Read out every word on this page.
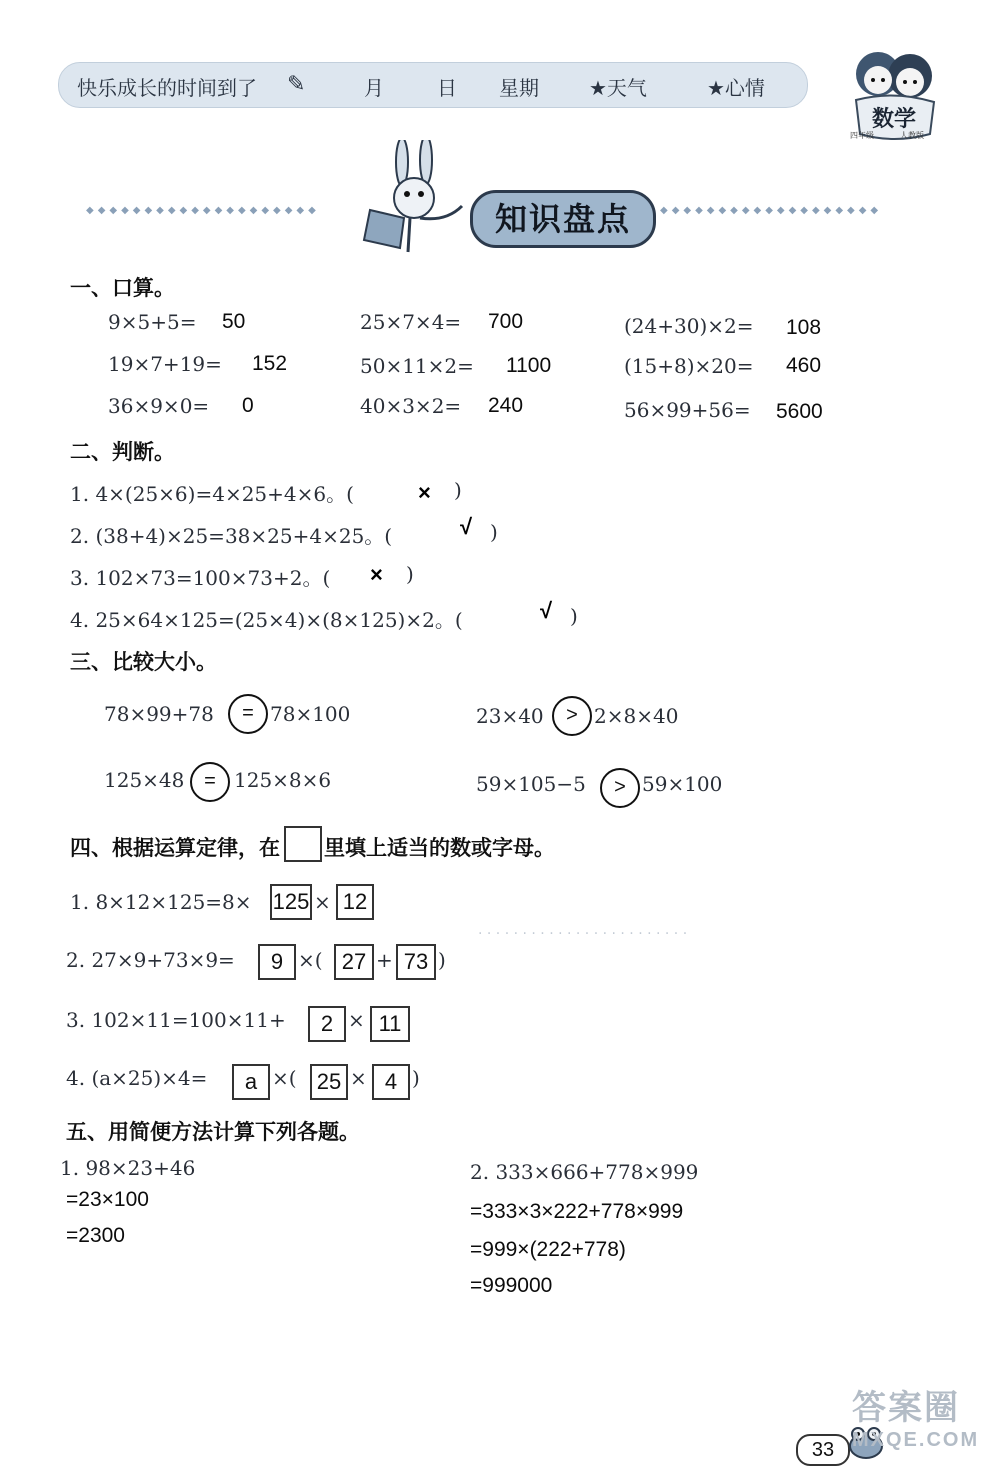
快乐成长的时间到了 ✎	月	日 星期	★天气	★心情
数学
四年级	人教版
◆◆◆◆◆◆◆◆◆◆◆◆◆◆◆◆◆◆◆◆	◆◆◆◆◆◆◆◆◆◆◆◆◆◆◆◆◆◆◆
知识盘点
一、口算。
9×5+5= 50	25×7×4= 700	(24+30)×2= 108
19×7+19= 152	50×11×2= 1100	(15+8)×20= 460
36×9×0= 0	40×3×2= 240	56×99+56= 5600
二、判断。
1. 4×(25×6)=4×25+4×6。(	× )
2. (38+4)×25=38×25+4×25。(	√ )
3. 102×73=100×73+2。( × )
4. 25×64×125=(25×4)×(8×125)×2。(	√ )
三、比较大小。
78×99+78	= 78×100	23×40	> 2×8×40
125×48 = 125×8×6	59×105−5	> 59×100
四、根据运算定律，在 里填上适当的数或字母。
1. 8×12×125=8× 125 × 12
2. 27×9+73×9=	9 ×( 27 + 73 )
· · · · · · · · · · · · · · · · · · · · · · · ·
3. 102×11=100×11+	2 × 11
4. (a×25)×4=	a ×( 25 × 4 )
五、用简便方法计算下列各题。
1. 98×23+46
=23×100
=2300
2. 333×666+778×999
=333×3×222+778×999
=999×(222+778)
=999000
33
答案圈
MXQE.COM
